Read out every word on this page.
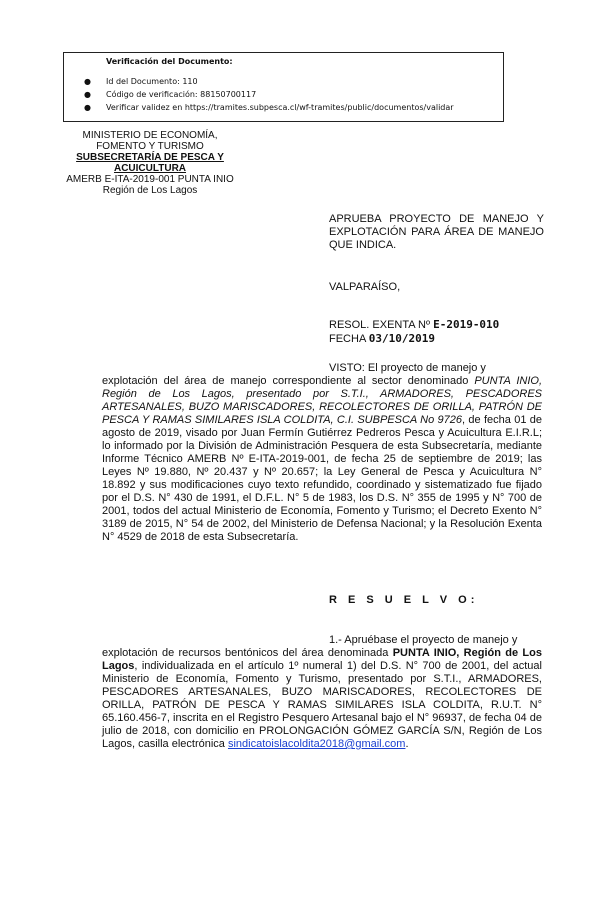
Verificación del Documento:
● Id del Documento: 110
● Código de verificación: 88150700117
● Verificar validez en https://tramites.subpesca.cl/wf-tramites/public/documentos/validar
MINISTERIO DE ECONOMÍA,
FOMENTO Y TURISMO
SUBSECRETARÍA DE PESCA Y
ACUICULTURA
AMERB E-ITA-2019-001 PUNTA INIO
Región de Los Lagos
APRUEBA PROYECTO DE MANEJO Y EXPLOTACIÓN PARA ÁREA DE MANEJO QUE INDICA.
VALPARAÍSO,
RESOL. EXENTA Nº E-2019-010
FECHA 03/10/2019
VISTO: El proyecto de manejo y
explotación del área de manejo correspondiente al sector denominado PUNTA INIO, Región de Los Lagos, presentado por S.T.I., ARMADORES, PESCADORES ARTESANALES, BUZO MARISCADORES, RECOLECTORES DE ORILLA, PATRÓN DE PESCA Y RAMAS SIMILARES ISLA COLDITA, C.I. SUBPESCA No 9726, de fecha 01 de agosto de 2019, visado por Juan Fermín Gutiérrez Pedreros Pesca y Acuicultura E.I.R.L; lo informado por la División de Administración Pesquera de esta Subsecretaría, mediante Informe Técnico AMERB Nº E-ITA-2019-001, de fecha 25 de septiembre de 2019; las Leyes Nº 19.880, Nº 20.437 y Nº 20.657; la Ley General de Pesca y Acuicultura N° 18.892 y sus modificaciones cuyo texto refundido, coordinado y sistematizado fue fijado por el D.S. N° 430 de 1991, el D.F.L. N° 5 de 1983, los D.S. N° 355 de 1995 y N° 700 de 2001, todos del actual Ministerio de Economía, Fomento y Turismo; el Decreto Exento N° 3189 de 2015, N° 54 de 2002, del Ministerio de Defensa Nacional; y la Resolución Exenta N° 4529 de 2018 de esta Subsecretaría.
R E S U E L V O:
1.- Apruébase el proyecto de manejo y
explotación de recursos bentónicos del área denominada PUNTA INIO, Región de Los Lagos, individualizada en el artículo 1º numeral 1) del D.S. N° 700 de 2001, del actual Ministerio de Economía, Fomento y Turismo, presentado por S.T.I., ARMADORES, PESCADORES ARTESANALES, BUZO MARISCADORES, RECOLECTORES DE ORILLA, PATRÓN DE PESCA Y RAMAS SIMILARES ISLA COLDITA, R.U.T. N° 65.160.456-7, inscrita en el Registro Pesquero Artesanal bajo el N° 96937, de fecha 04 de julio de 2018, con domicilio en PROLONGACIÓN GÓMEZ GARCÍA S/N, Región de Los Lagos, casilla electrónica sindicatoislacoldita2018@gmail.com.
